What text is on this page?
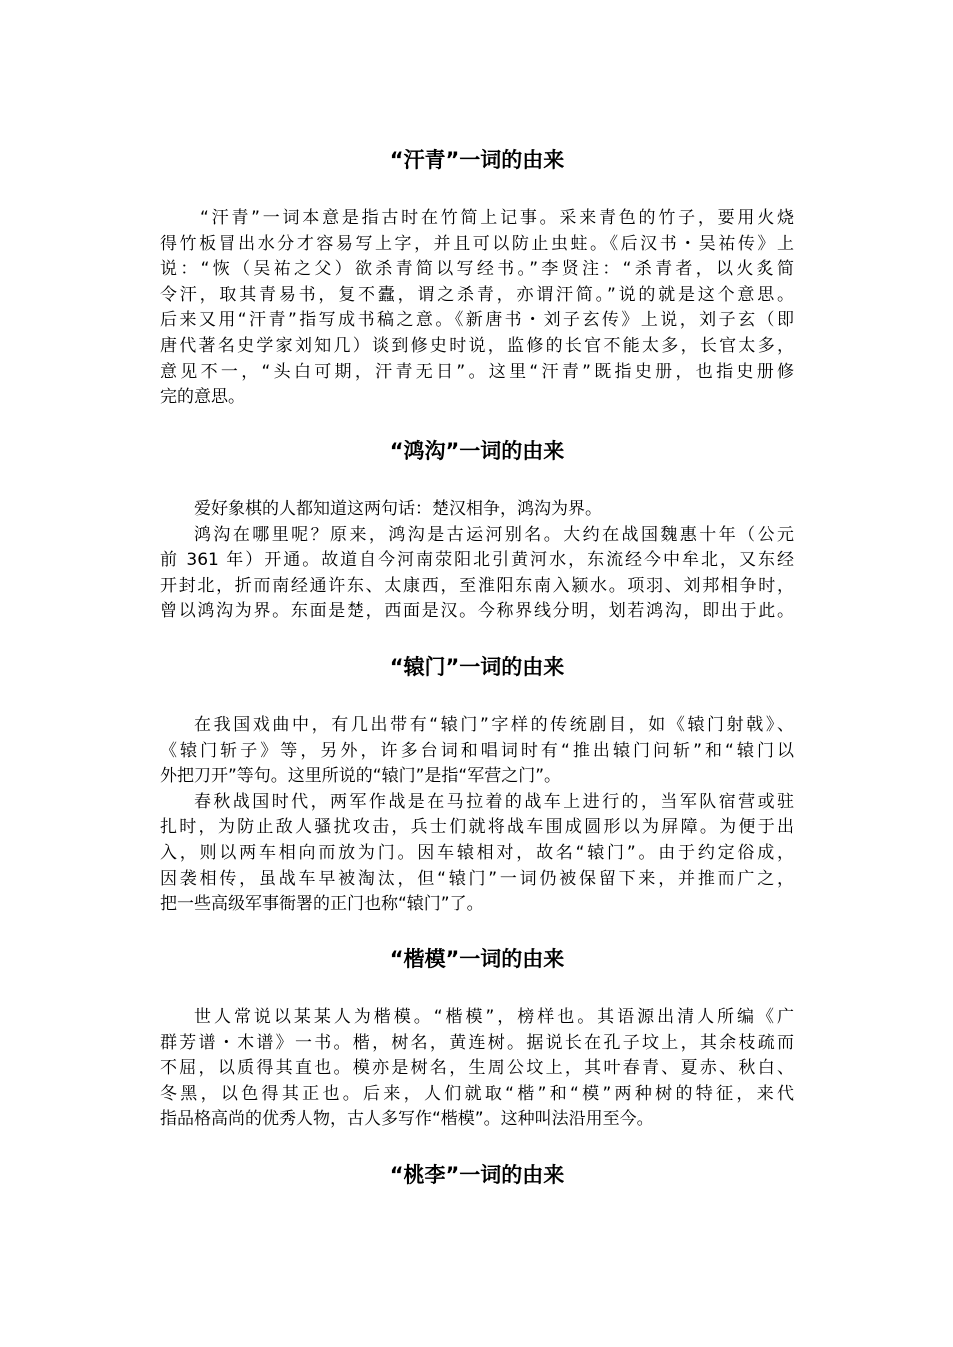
“汗青”一词的由来
“汗青”一词本意是指古时在竹简上记事。采来青色的竹子，要用火烧
得竹板冒出水分才容易写上字，并且可以防止虫蛀。《后汉书・吴祐传》上
说：“恢（吴祐之父）欲杀青简以写经书。”李贤注：“杀青者，以火炙简
令汗，取其青易书，复不蠹，谓之杀青，亦谓汗简。”说的就是这个意思。
后来又用“汗青”指写成书稿之意。《新唐书・刘子玄传》上说，刘子玄（即
唐代著名史学家刘知几）谈到修史时说，监修的长官不能太多，长官太多，
意见不一，“头白可期，汗青无日”。这里“汗青”既指史册，也指史册修
完的意思。
“鸿沟”一词的由来
爱好象棋的人都知道这两句话：楚汉相争，鸿沟为界。
鸿沟在哪里呢？原来，鸿沟是古运河别名。大约在战国魏惠十年（公元
前 361 年）开通。故道自今河南荥阳北引黄河水，东流经今中牟北，又东经
开封北，折而南经通许东、太康西，至淮阳东南入颍水。项羽、刘邦相争时，
曾以鸿沟为界。东面是楚，西面是汉。今称界线分明，划若鸿沟，即出于此。
“辕门”一词的由来
在我国戏曲中，有几出带有“辕门”字样的传统剧目，如《辕门射戟》、
《辕门斩子》等，另外，许多台词和唱词时有“推出辕门问斩”和“辕门以
外把刀开”等句。这里所说的“辕门”是指“军营之门”。
春秋战国时代，两军作战是在马拉着的战车上进行的，当军队宿营或驻
扎时，为防止敌人骚扰攻击，兵士们就将战车围成圆形以为屏障。为便于出
入，则以两车相向而放为门。因车辕相对，故名“辕门”。由于约定俗成，
因袭相传，虽战车早被淘汰，但“辕门”一词仍被保留下来，并推而广之，
把一些高级军事衙署的正门也称“辕门”了。
“楷模”一词的由来
世人常说以某某人为楷模。“楷模”，榜样也。其语源出清人所编《广
群芳谱・木谱》一书。楷，树名，黄连树。据说长在孔子坟上，其余枝疏而
不屈，以质得其直也。模亦是树名，生周公坟上，其叶春青、夏赤、秋白、
冬黑，以色得其正也。后来，人们就取“楷”和“模”两种树的特征，来代
指品格高尚的优秀人物，古人多写作“楷模”。这种叫法沿用至今。
“桃李”一词的由来
